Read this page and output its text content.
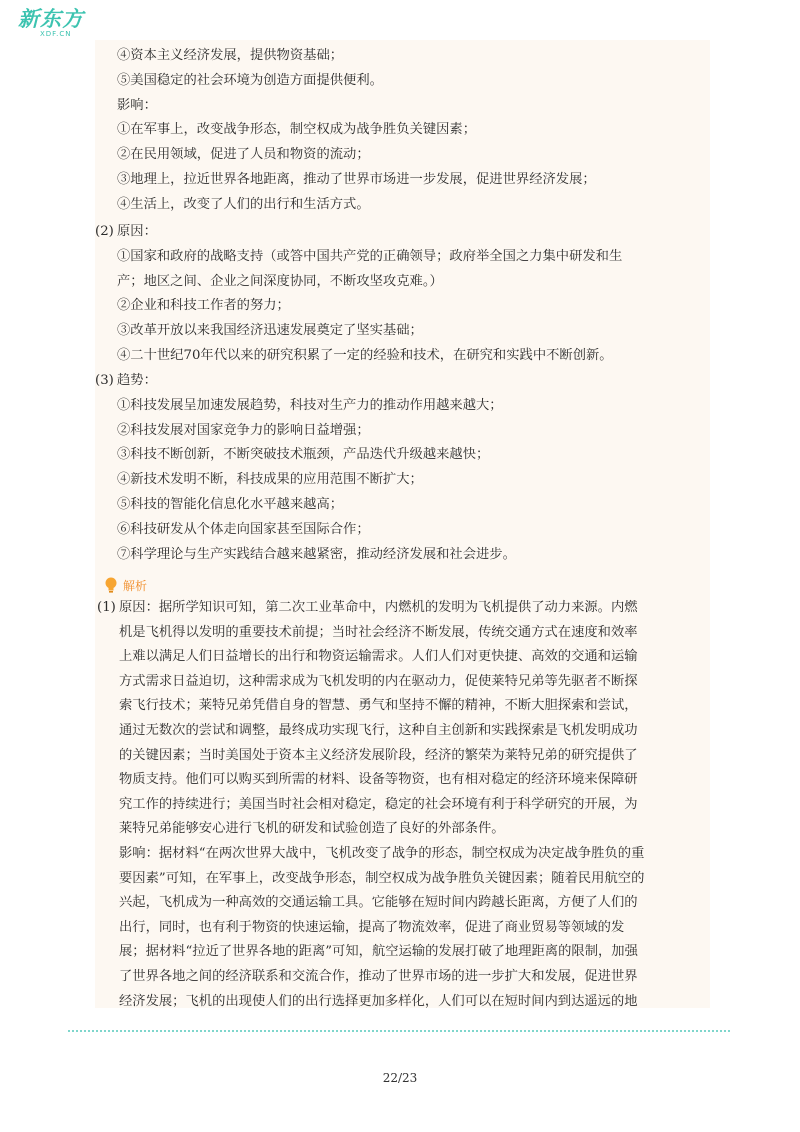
新东方
XDF.CN
④资本主义经济发展，提供物资基础；
⑤美国稳定的社会环境为创造方面提供便利。
影响：
①在军事上，改变战争形态，制空权成为战争胜负关键因素；
②在民用领域，促进了人员和物资的流动；
③地理上，拉近世界各地距离，推动了世界市场进一步发展，促进世界经济发展；
④生活上，改变了人们的出行和生活方式。
(2) 原因：
①国家和政府的战略支持（或答中国共产党的正确领导；政府举全国之力集中研发和生
产；地区之间、企业之间深度协同，不断攻坚攻克难。）
②企业和科技工作者的努力；
③改革开放以来我国经济迅速发展奠定了坚实基础；
④二十世纪70年代以来的研究积累了一定的经验和技术，在研究和实践中不断创新。
(3) 趋势：
①科技发展呈加速发展趋势，科技对生产力的推动作用越来越大；
②科技发展对国家竞争力的影响日益增强；
③科技不断创新，不断突破技术瓶颈，产品迭代升级越来越快；
④新技术发明不断，科技成果的应用范围不断扩大；
⑤科技的智能化信息化水平越来越高；
⑥科技研发从个体走向国家甚至国际合作；
⑦科学理论与生产实践结合越来越紧密，推动经济发展和社会进步。
解析
(1) 原因：据所学知识可知，第二次工业革命中，内燃机的发明为飞机提供了动力来源。内燃
机是飞机得以发明的重要技术前提；当时社会经济不断发展，传统交通方式在速度和效率
上难以满足人们日益增长的出行和物资运输需求。人们人们对更快捷、高效的交通和运输
方式需求日益迫切，这种需求成为飞机发明的内在驱动力，促使莱特兄弟等先驱者不断探
索飞行技术；莱特兄弟凭借自身的智慧、勇气和坚持不懈的精神，不断大胆探索和尝试，
通过无数次的尝试和调整，最终成功实现飞行，这种自主创新和实践探索是飞机发明成功
的关键因素；当时美国处于资本主义经济发展阶段，经济的繁荣为莱特兄弟的研究提供了
物质支持。他们可以购买到所需的材料、设备等物资，也有相对稳定的经济环境来保障研
究工作的持续进行；美国当时社会相对稳定，稳定的社会环境有利于科学研究的开展，为
莱特兄弟能够安心进行飞机的研发和试验创造了良好的外部条件。
影响：据材料“在两次世界大战中，飞机改变了战争的形态，制空权成为决定战争胜负的重
要因素”可知，在军事上，改变战争形态，制空权成为战争胜负关键因素；随着民用航空的
兴起，飞机成为一种高效的交通运输工具。它能够在短时间内跨越长距离，方便了人们的
出行，同时，也有利于物资的快速运输，提高了物流效率，促进了商业贸易等领域的发
展；据材料“拉近了世界各地的距离”可知，航空运输的发展打破了地理距离的限制，加强
了世界各地之间的经济联系和交流合作，推动了世界市场的进一步扩大和发展，促进世界
经济发展；飞机的出现使人们的出行选择更加多样化，人们可以在短时间内到达遥远的地
22/23
